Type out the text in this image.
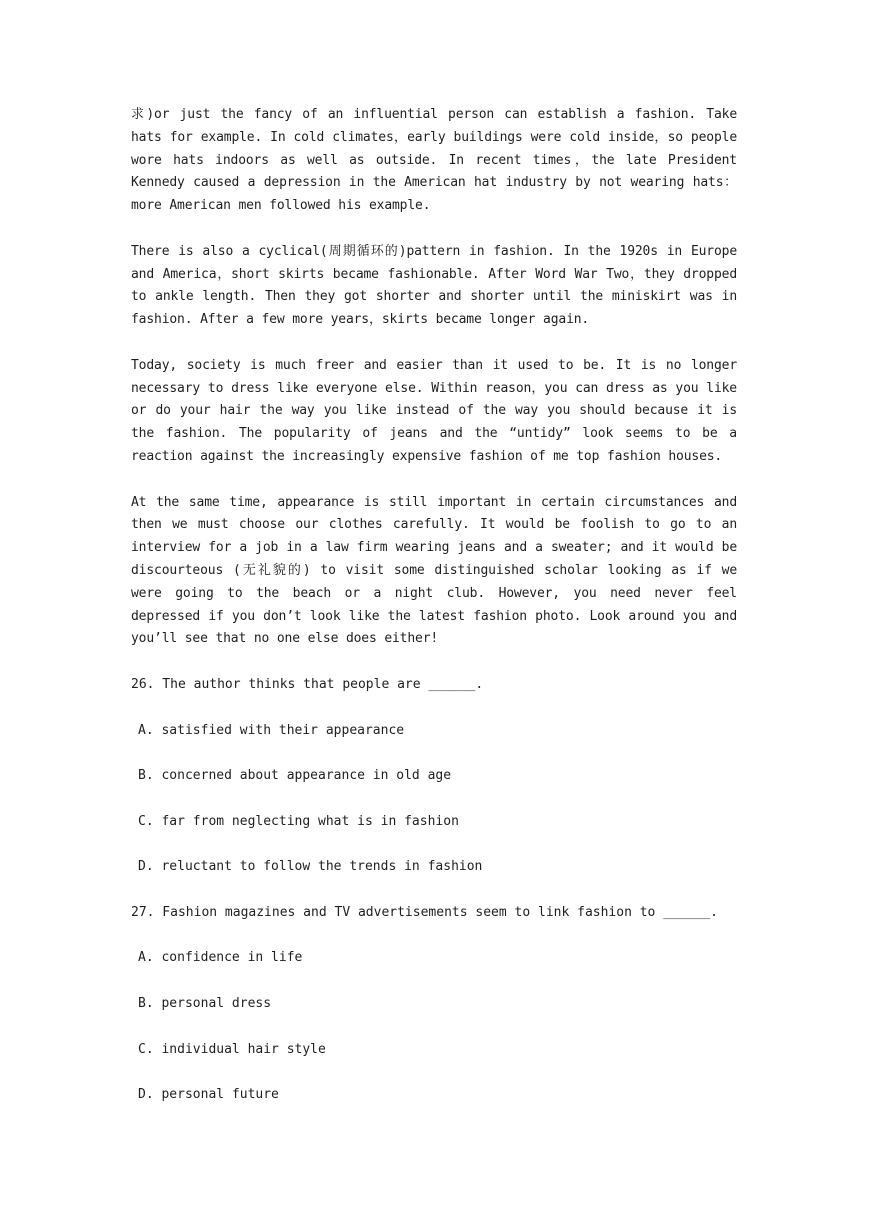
求)or just the fancy of an influential person can establish a fashion. Take hats for example. In cold climates，early buildings were cold inside，so people wore hats indoors as well as outside. In recent times，the late President Kennedy caused a depression in the American hat industry by not wearing hats：more American men followed his example.

There is also a cyclical(周期循环的)pattern in fashion. In the 1920s in Europe and America，short skirts became fashionable. After Word War Two，they dropped to ankle length. Then they got shorter and shorter until the miniskirt was in fashion. After a few more years，skirts became longer again.

Today, society is much freer and easier than it used to be. It is no longer necessary to dress like everyone else. Within reason，you can dress as you like or do your hair the way you like instead of the way you should because it is the fashion. The popularity of jeans and the “untidy” look seems to be a reaction against the increasingly expensive fashion of me top fashion houses.

At the same time, appearance is still important in certain circumstances and then we must choose our clothes carefully. It would be foolish to go to an interview for a job in a law firm wearing jeans and a sweater; and it would be discourteous (无礼貌的) to visit some distinguished scholar looking as if we were going to the beach or a night club. However, you need never feel depressed if you don’t look like the latest fashion photo. Look around you and you’ll see that no one else does either!

26. The author thinks that people are ______.

A. satisfied with their appearance

B. concerned about appearance in old age

C. far from neglecting what is in fashion

D. reluctant to follow the trends in fashion

27. Fashion magazines and TV advertisements seem to link fashion to ______.

A. confidence in life

B. personal dress

C. individual hair style

D. personal future
